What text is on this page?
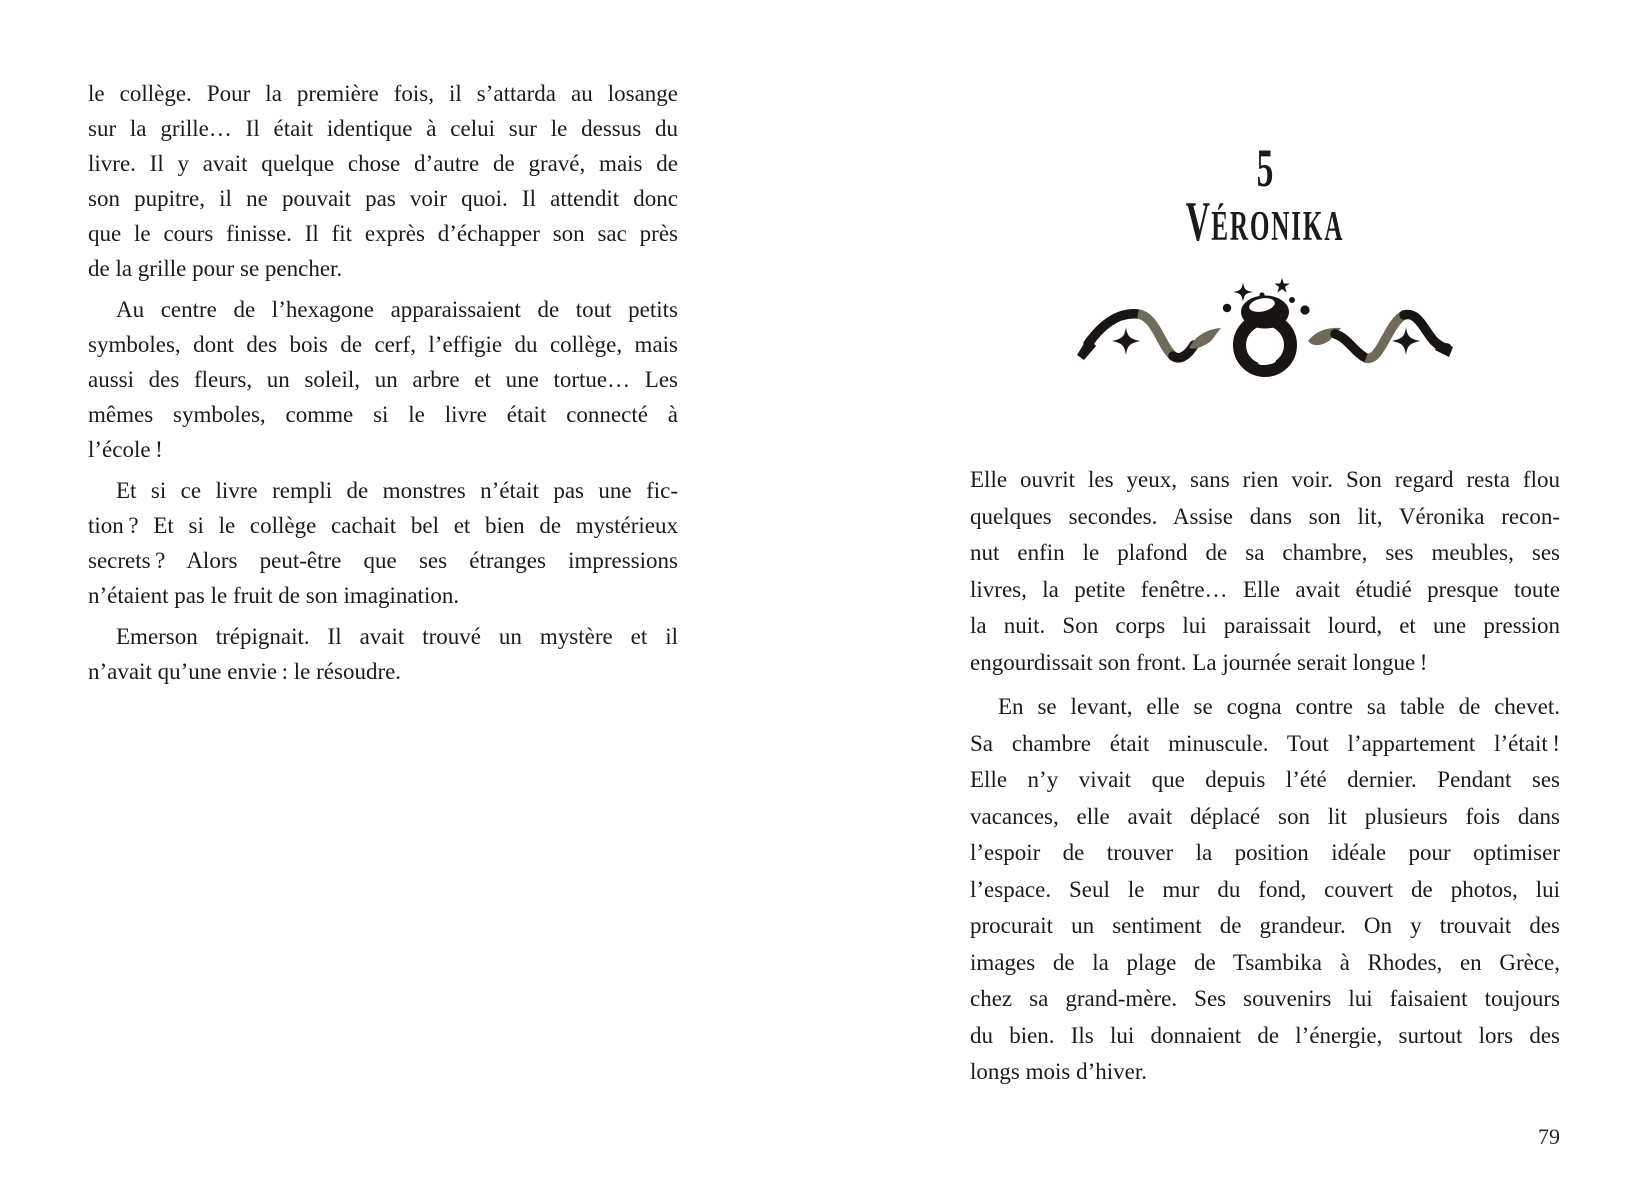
le collège. Pour la première fois, il s’attarda au losange
sur la grille… Il était identique à celui sur le dessus du
livre. Il y avait quelque chose d’autre de gravé, mais de
son pupitre, il ne pouvait pas voir quoi. Il attendit donc
que le cours finisse. Il fit exprès d’échapper son sac près
de la grille pour se pencher.

Au centre de l’hexagone apparaissaient de tout petits
symboles, dont des bois de cerf, l’effigie du collège, mais
aussi des fleurs, un soleil, un arbre et une tortue… Les
mêmes symboles, comme si le livre était connecté à
l’école !

Et si ce livre rempli de monstres n’était pas une fic-
tion ? Et si le collège cachait bel et bien de mystérieux
secrets ? Alors peut-être que ses étranges impressions
n’étaient pas le fruit de son imagination.

Emerson trépignait. Il avait trouvé un mystère et il
n’avait qu’une envie : le résoudre.

5
VÉRONIKA

Elle ouvrit les yeux, sans rien voir. Son regard resta flou
quelques secondes. Assise dans son lit, Véronika recon-
nut enfin le plafond de sa chambre, ses meubles, ses
livres, la petite fenêtre… Elle avait étudié presque toute
la nuit. Son corps lui paraissait lourd, et une pression
engourdissait son front. La journée serait longue !

En se levant, elle se cogna contre sa table de chevet.
Sa chambre était minuscule. Tout l’appartement l’était !
Elle n’y vivait que depuis l’été dernier. Pendant ses
vacances, elle avait déplacé son lit plusieurs fois dans
l’espoir de trouver la position idéale pour optimiser
l’espace. Seul le mur du fond, couvert de photos, lui
procurait un sentiment de grandeur. On y trouvait des
images de la plage de Tsambika à Rhodes, en Grèce,
chez sa grand-mère. Ses souvenirs lui faisaient toujours
du bien. Ils lui donnaient de l’énergie, surtout lors des
longs mois d’hiver.

79
